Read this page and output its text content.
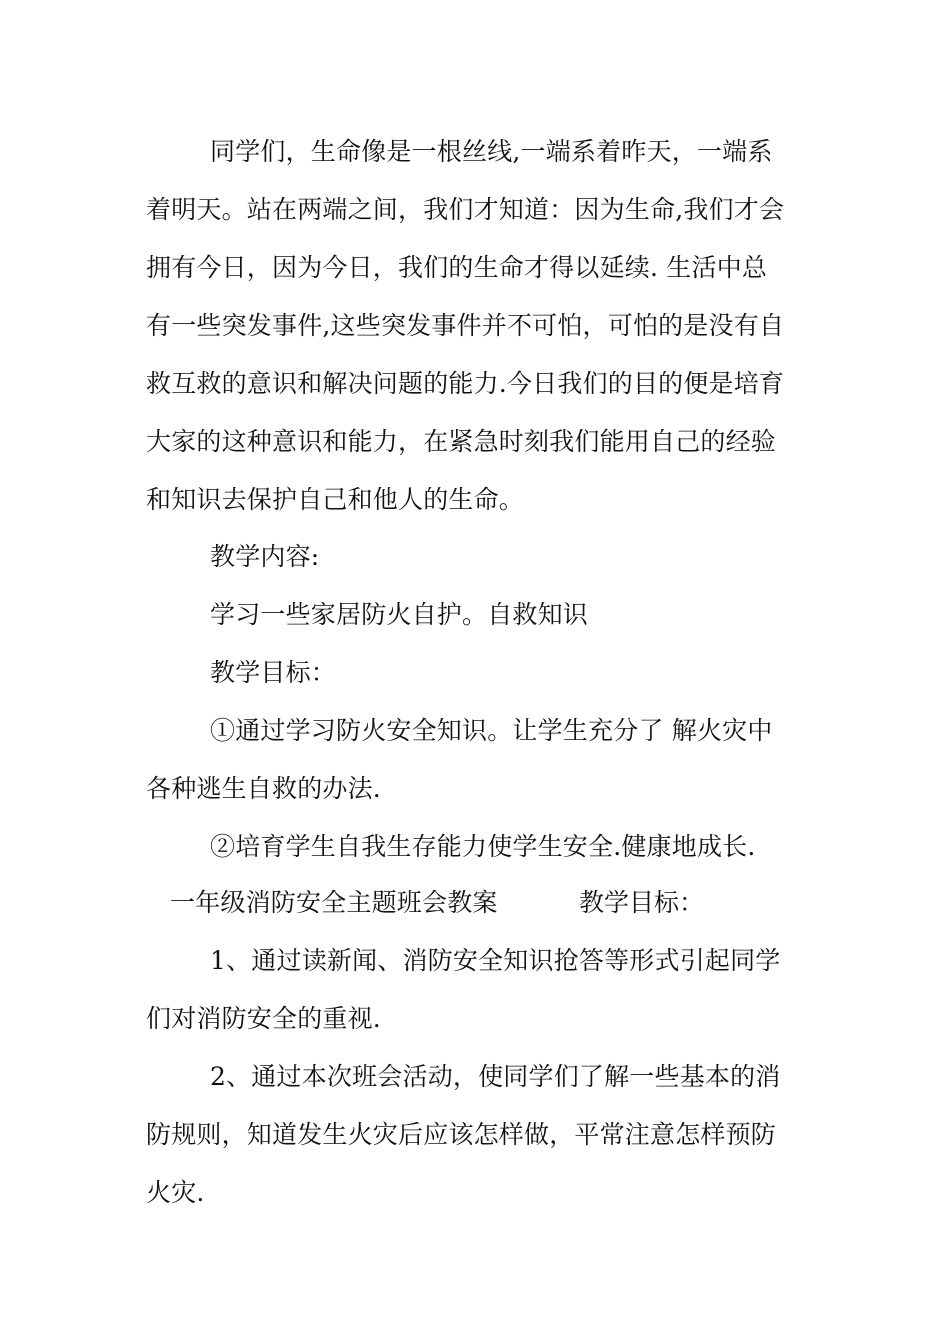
同学们，生命像是一根丝线,一端系着昨天，一端系
着明天。站在两端之间，我们才知道：因为生命,我们才会
拥有今日，因为今日，我们的生命才得以延续. 生活中总
有一些突发事件,这些突发事件并不可怕，可怕的是没有自
救互救的意识和解决问题的能力.今日我们的目的便是培育
大家的这种意识和能力，在紧急时刻我们能用自己的经验
和知识去保护自己和他人的生命。
教学内容:
学习一些家居防火自护。自救知识
教学目标：
①通过学习防火安全知识。让学生充分了 解火灾中
各种逃生自救的办法.
②培育学生自我生存能力使学生安全.健康地成长.
一年级消防安全主题班会教案	教学目标：
1、通过读新闻、消防安全知识抢答等形式引起同学
们对消防安全的重视.
2、通过本次班会活动，使同学们了解一些基本的消
防规则，知道发生火灾后应该怎样做，平常注意怎样预防
火灾.
